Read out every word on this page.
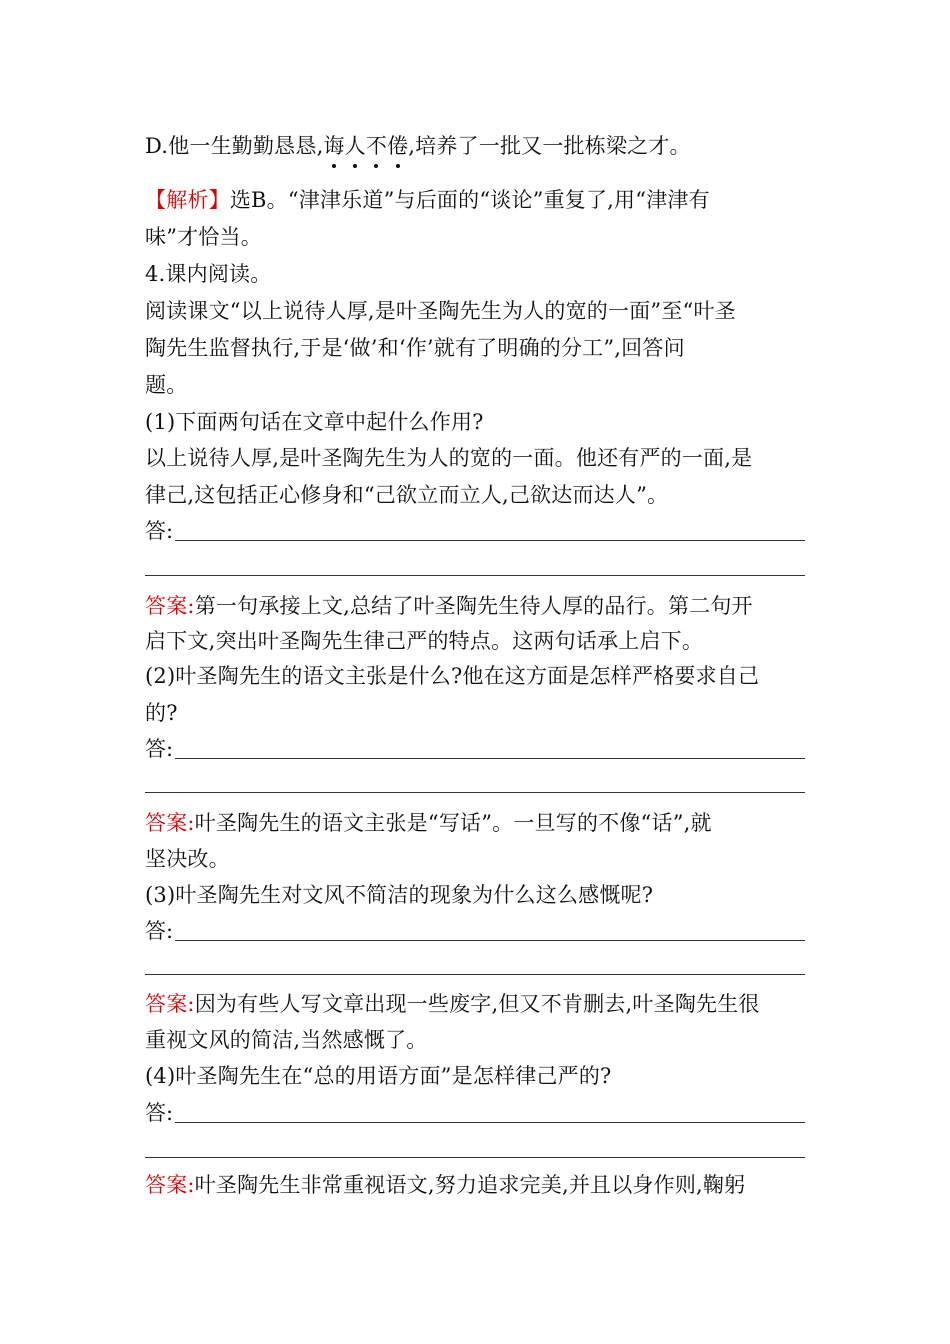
D.他一生勤勤恳恳,诲人不倦,培养了一批又一批栋梁之才。
【解析】选B。“津津乐道”与后面的“谈论”重复了,用“津津有
味”才恰当。
4.课内阅读。
阅读课文“以上说待人厚,是叶圣陶先生为人的宽的一面”至“叶圣
陶先生监督执行,于是‘做’和‘作’就有了明确的分工”,回答问
题。
(1)下面两句话在文章中起什么作用?
以上说待人厚,是叶圣陶先生为人的宽的一面。他还有严的一面,是
律己,这包括正心修身和“己欲立而立人,己欲达而达人”。
答:
答案:第一句承接上文,总结了叶圣陶先生待人厚的品行。第二句开
启下文,突出叶圣陶先生律己严的特点。这两句话承上启下。
(2)叶圣陶先生的语文主张是什么?他在这方面是怎样严格要求自己
的?
答:
答案:叶圣陶先生的语文主张是“写话”。一旦写的不像“话”,就
坚决改。
(3)叶圣陶先生对文风不简洁的现象为什么这么感慨呢?
答:
答案:因为有些人写文章出现一些废字,但又不肯删去,叶圣陶先生很
重视文风的简洁,当然感慨了。
(4)叶圣陶先生在“总的用语方面”是怎样律己严的?
答:
答案:叶圣陶先生非常重视语文,努力追求完美,并且以身作则,鞠躬
